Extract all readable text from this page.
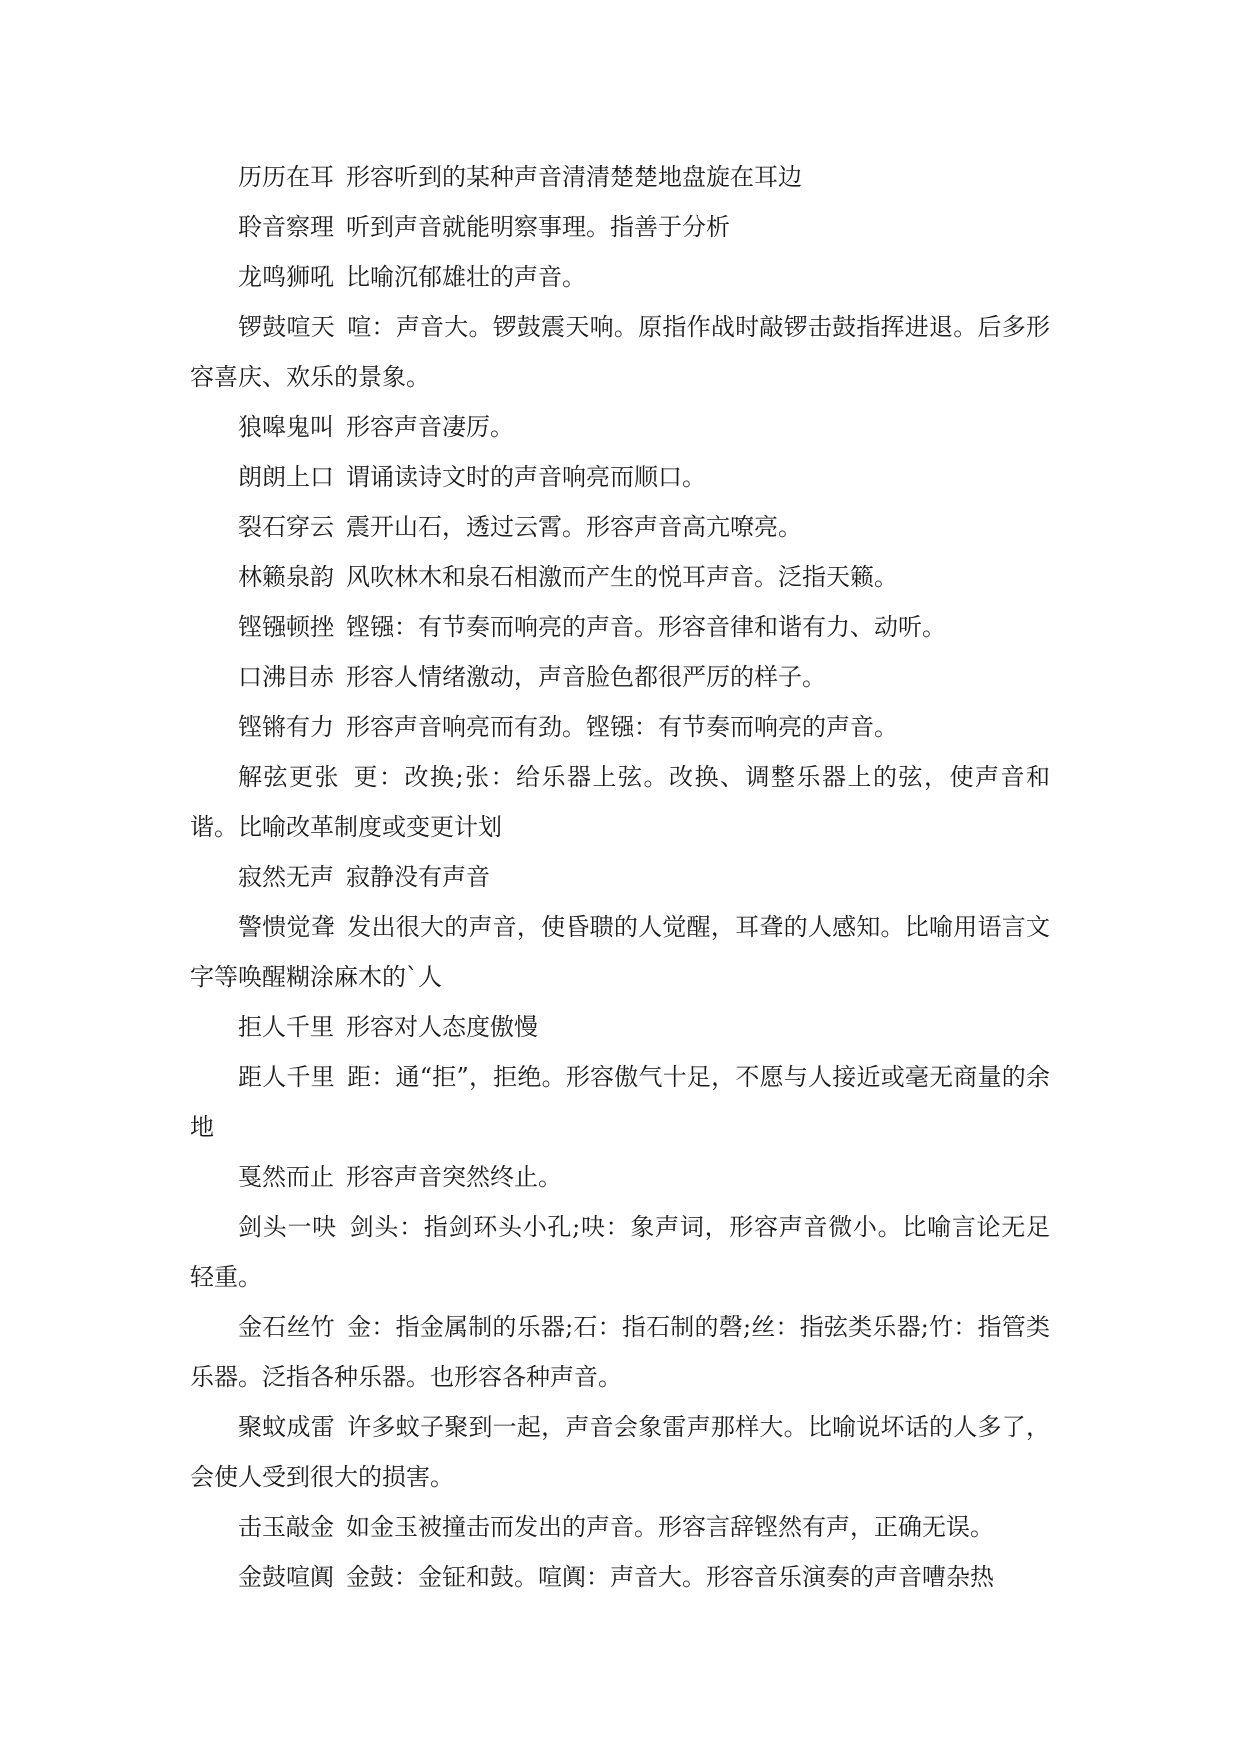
历历在耳 形容听到的某种声音清清楚楚地盘旋在耳边

聆音察理 听到声音就能明察事理。指善于分析

龙鸣狮吼 比喻沉郁雄壮的声音。

锣鼓喧天 喧：声音大。锣鼓震天响。原指作战时敲锣击鼓指挥进退。后多形容喜庆、欢乐的景象。

狼嗥鬼叫 形容声音凄厉。

朗朗上口 谓诵读诗文时的声音响亮而顺口。

裂石穿云 震开山石，透过云霄。形容声音高亢嘹亮。

林籁泉韵 风吹林木和泉石相激而产生的悦耳声音。泛指天籁。

铿镪顿挫 铿镪：有节奏而响亮的声音。形容音律和谐有力、动听。

口沸目赤 形容人情绪激动，声音脸色都很严厉的样子。

铿锵有力 形容声音响亮而有劲。铿镪：有节奏而响亮的声音。

解弦更张 更：改换;张：给乐器上弦。改换、调整乐器上的弦，使声音和谐。比喻改革制度或变更计划

寂然无声 寂静没有声音

警愦觉聋 发出很大的声音，使昏聩的人觉醒，耳聋的人感知。比喻用语言文字等唤醒糊涂麻木的`人

拒人千里 形容对人态度傲慢

距人千里 距：通“拒”，拒绝。形容傲气十足，不愿与人接近或毫无商量的余地

戛然而止 形容声音突然终止。

剑头一吷 剑头：指剑环头小孔;吷：象声词，形容声音微小。比喻言论无足轻重。

金石丝竹 金：指金属制的乐器;石：指石制的磬;丝：指弦类乐器;竹：指管类乐器。泛指各种乐器。也形容各种声音。

聚蚊成雷 许多蚊子聚到一起，声音会象雷声那样大。比喻说坏话的人多了，会使人受到很大的损害。

击玉敲金 如金玉被撞击而发出的声音。形容言辞铿然有声，正确无误。

金鼓喧阗 金鼓：金钲和鼓。喧阗：声音大。形容音乐演奏的声音嘈杂热
